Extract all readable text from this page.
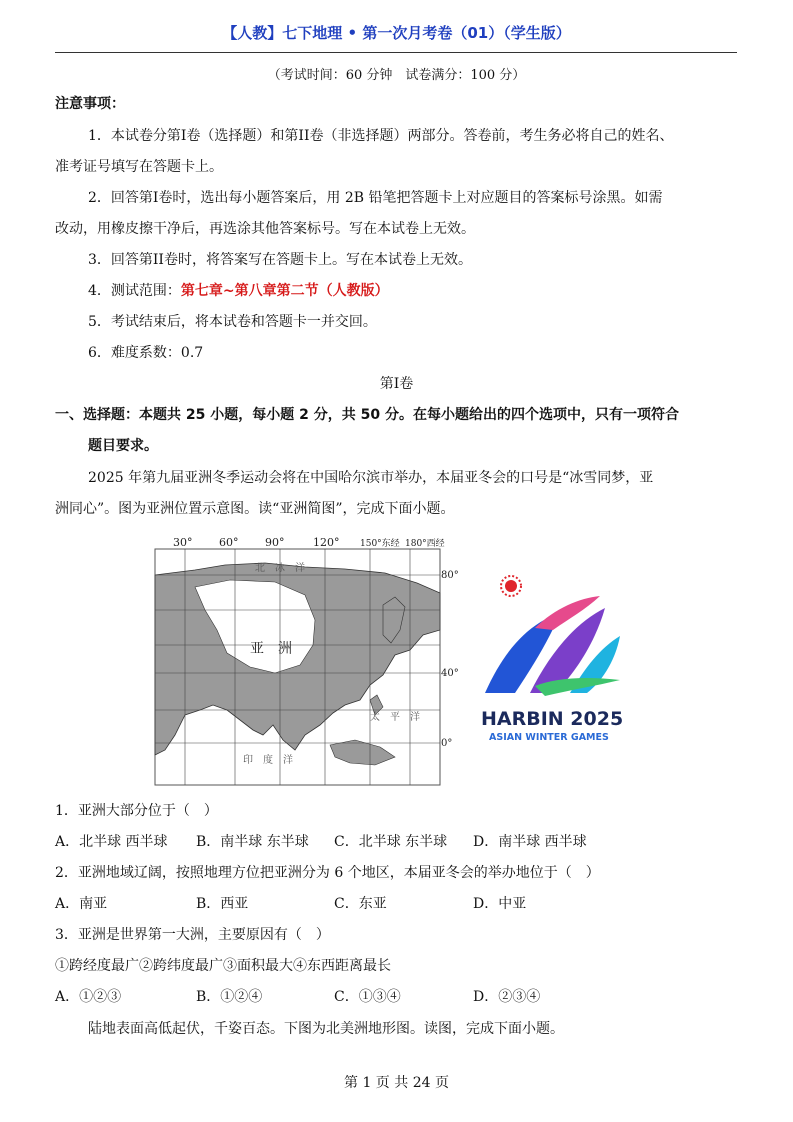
【人教】七下地理 • 第一次月考卷（01）（学生版）
（考试时间：60 分钟　试卷满分：100 分）
注意事项：
1．本试卷分第I卷（选择题）和第II卷（非选择题）两部分。答卷前，考生务必将自己的姓名、
准考证号填写在答题卡上。
2．回答第I卷时，选出每小题答案后，用 2B 铅笔把答题卡上对应题目的答案标号涂黑。如需
改动，用橡皮擦干净后，再选涂其他答案标号。写在本试卷上无效。
3．回答第II卷时，将答案写在答题卡上。写在本试卷上无效。
4．测试范围：第七章~第八章第二节（人教版）
5．考试结束后，将本试卷和答题卡一并交回。
6．难度系数：0.7
第I卷
一、选择题：本题共 25 小题，每小题 2 分，共 50 分。在每小题给出的四个选项中，只有一项符合
题目要求。
2025 年第九届亚洲冬季运动会将在中国哈尔滨市举办，本届亚冬会的口号是“冰雪同梦，亚
洲同心”。图为亚洲位置示意图。读“亚洲简图”，完成下面小题。
30° 60° 90°	120° 150°东经 180°西经
80°
40°
0°
亚　洲
北　冰　洋
太　平　洋
印　度　洋
HARBIN 2025
ASIAN WINTER GAMES
1．亚洲大部分位于（　）
A．北半球 西半球 B．南半球 东半球 C．北半球 东半球 D．南半球 西半球
2．亚洲地域辽阔，按照地理方位把亚洲分为 6 个地区，本届亚冬会的举办地位于（　）
A．南亚	B．西亚	C．东亚	D．中亚
3．亚洲是世界第一大洲，主要原因有（　）
①跨经度最广②跨纬度最广③面积最大④东西距离最长
A．①②③	B．①②④	C．①③④	D．②③④
陆地表面高低起伏，千姿百态。下图为北美洲地形图。读图，完成下面小题。
第 1 页 共 24 页
